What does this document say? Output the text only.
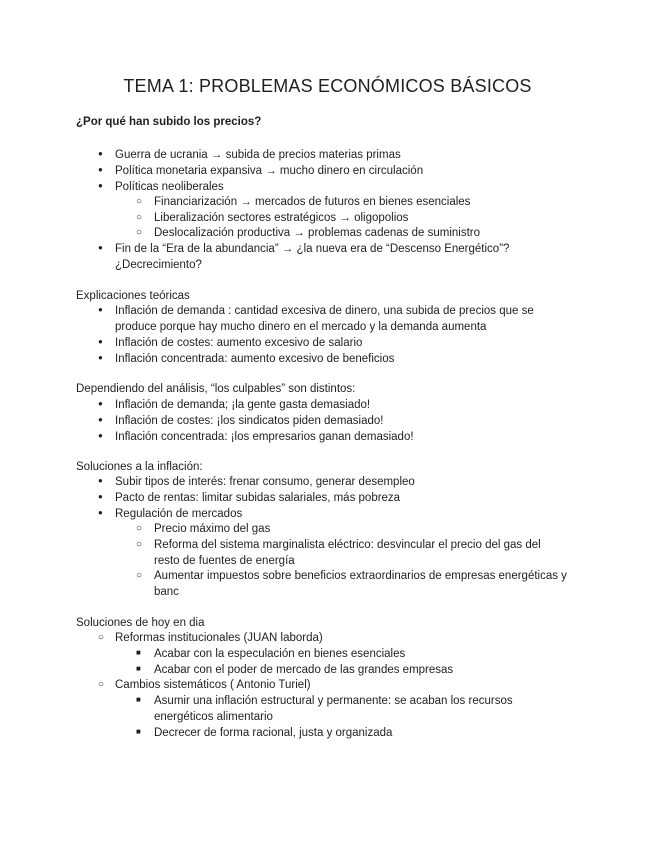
TEMA 1: PROBLEMAS ECONÓMICOS BÁSICOS
¿Por qué han subido los precios?
●
Guerra de ucrania → subida de precios materias primas
●
Política monetaria expansiva → mucho dinero en circulación
●
Políticas neoliberales
○
Financiarización → mercados de futuros en bienes esenciales
○
Liberalización sectores estratégicos → oligopolios
○
Deslocalización productiva → problemas cadenas de suministro
●
Fin de la “Era de la abundancia” → ¿la nueva era de “Descenso Energético”?
¿Decrecimiento?
Explicaciones teóricas
●
Inflación de demanda : cantidad excesiva de dinero, una subida de precios que se
produce porque hay mucho dinero en el mercado y la demanda aumenta
●
Inflación de costes: aumento excesivo de salario
●
Inflación concentrada: aumento excesivo de beneficios
Dependiendo del análisis, “los culpables” son distintos:
●
Inflación de demanda; ¡la gente gasta demasiado!
●
Inflación de costes: ¡los sindicatos piden demasiado!
●
Inflación concentrada: ¡los empresarios ganan demasiado!
Soluciones a la inflación:
●
Subir tipos de interés: frenar consumo, generar desempleo
●
Pacto de rentas: limitar subidas salariales, más pobreza
●
Regulación de mercados
○
Precio máximo del gas
○
Reforma del sistema marginalista eléctrico: desvincular el precio del gas del
resto de fuentes de energía
○
Aumentar impuestos sobre beneficios extraordinarios de empresas energéticas y
banc
Soluciones de hoy en dia
○
Reformas institucionales (JUAN laborda)
■
Acabar con la especulación en bienes esenciales
■
Acabar con el poder de mercado de las grandes empresas
○
Cambios sistemáticos ( Antonio Turiel)
■
Asumir una inflación estructural y permanente: se acaban los recursos
energéticos alimentario
■
Decrecer de forma racional, justa y organizada
